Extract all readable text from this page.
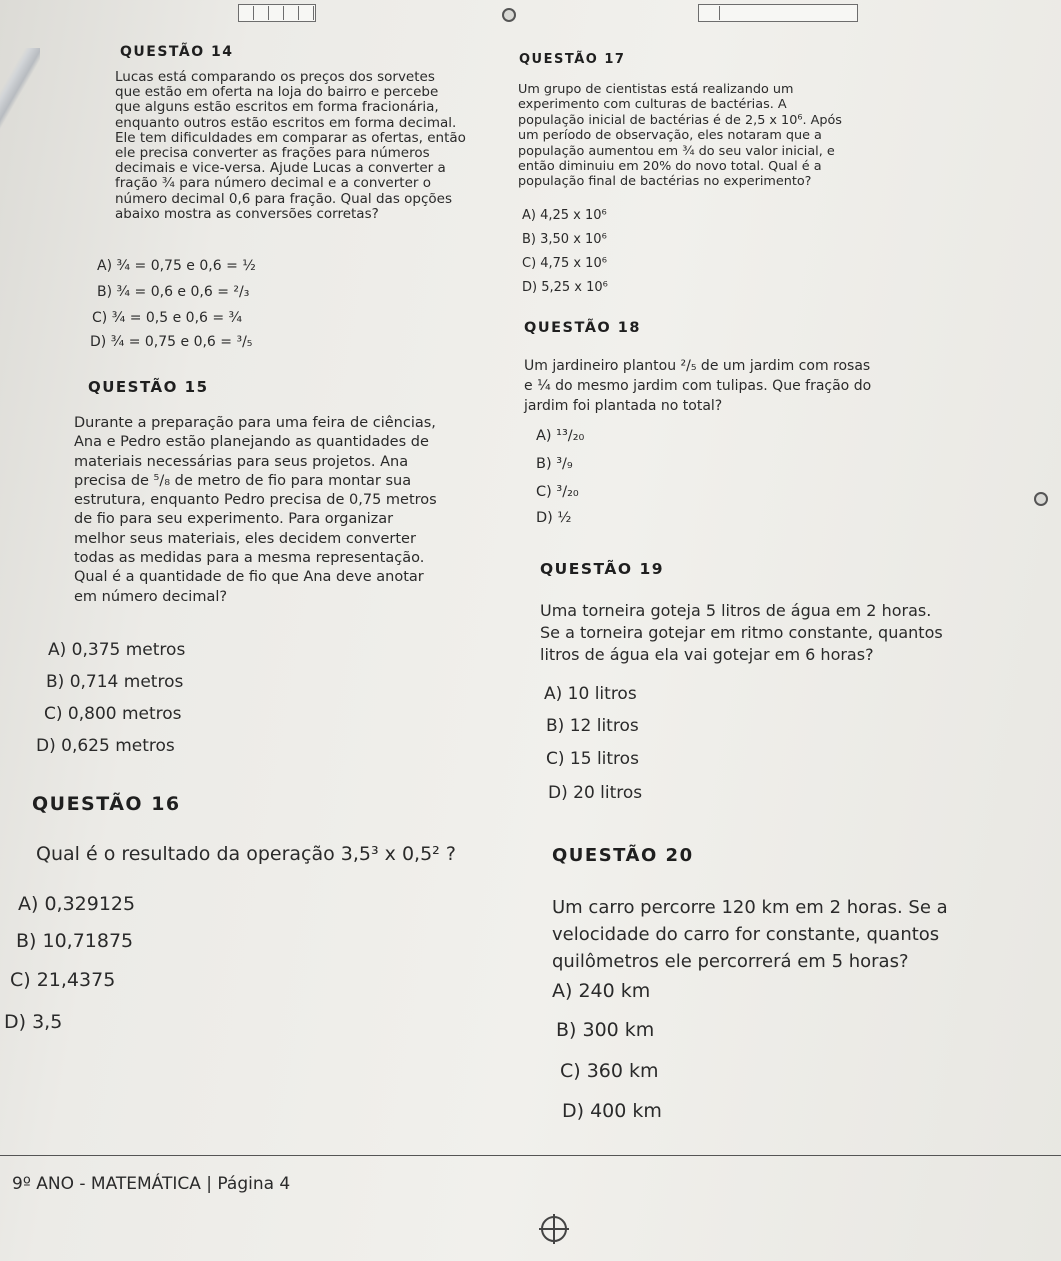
QUESTÃO 14
Lucas está comparando os preços dos sorvetes
que estão em oferta na loja do bairro e percebe
que alguns estão escritos em forma fracionária,
enquanto outros estão escritos em forma decimal.
Ele tem dificuldades em comparar as ofertas, então
ele precisa converter as frações para números
decimais e vice-versa. Ajude Lucas a converter a
fração ¾ para número decimal e a converter o
número decimal 0,6 para fração. Qual das opções
abaixo mostra as conversões corretas?
A) ¾ = 0,75 e 0,6 = ½
B) ¾ = 0,6 e 0,6 = ²/₃
C) ¾ = 0,5 e 0,6 = ¾
D) ¾ = 0,75 e 0,6 = ³/₅
QUESTÃO 15
Durante a preparação para uma feira de ciências,
Ana e Pedro estão planejando as quantidades de
materiais necessárias para seus projetos. Ana
precisa de ⁵/₈ de metro de fio para montar sua
estrutura, enquanto Pedro precisa de 0,75 metros
de fio para seu experimento. Para organizar
melhor seus materiais, eles decidem converter
todas as medidas para a mesma representação.
Qual é a quantidade de fio que Ana deve anotar
em número decimal?
A) 0,375 metros
B) 0,714 metros
C) 0,800 metros
D) 0,625 metros
QUESTÃO 16
Qual é o resultado da operação 3,5³ x 0,5² ?
A) 0,329125
B) 10,71875
C) 21,4375
D) 3,5
QUESTÃO 17
Um grupo de cientistas está realizando um
experimento com culturas de bactérias. A
população inicial de bactérias é de 2,5 x 10⁶. Após
um período de observação, eles notaram que a
população aumentou em ¾ do seu valor inicial, e
então diminuiu em 20% do novo total. Qual é a
população final de bactérias no experimento?
A) 4,25 x 10⁶
B) 3,50 x 10⁶
C) 4,75 x 10⁶
D) 5,25 x 10⁶
QUESTÃO 18
Um jardineiro plantou ²/₅ de um jardim com rosas
e ¼ do mesmo jardim com tulipas. Que fração do
jardim foi plantada no total?
A) ¹³/₂₀
B) ³/₉
C) ³/₂₀
D) ½
QUESTÃO 19
Uma torneira goteja 5 litros de água em 2 horas.
Se a torneira gotejar em ritmo constante, quantos
litros de água ela vai gotejar em 6 horas?
A) 10 litros
B) 12 litros
C) 15 litros
D) 20 litros
QUESTÃO 20
Um carro percorre 120 km em 2 horas. Se a
velocidade do carro for constante, quantos
quilômetros ele percorrerá em 5 horas?
A) 240 km
B) 300 km
C) 360 km
D) 400 km
9º ANO - MATEMÁTICA | Página 4
